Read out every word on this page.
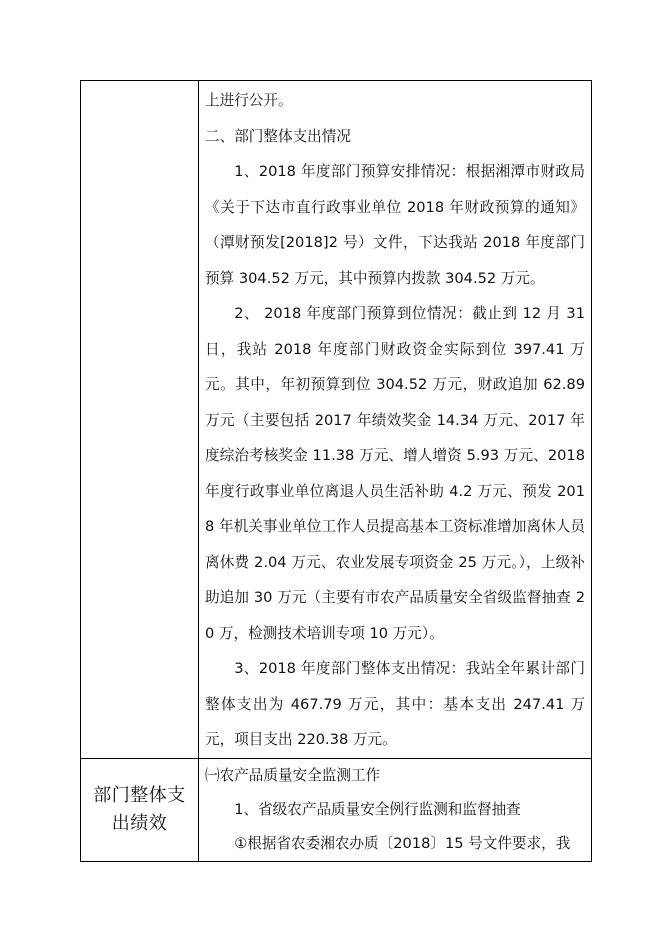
	上进行公开。

二、部门整体支出情况

1、2018 年度部门预算安排情况：根据湘潭市财政局《关于下达市直行政事业单位 2018 年财政预算的通知》（潭财预发[2018]2 号）文件，下达我站 2018 年度部门预算 304.52 万元，其中预算内拨款 304.52 万元。

2、 2018 年度部门预算到位情况：截止到 12 月 31 日，我站 2018 年度部门财政资金实际到位 397.41 万元。其中，年初预算到位 304.52 万元，财政追加 62.89 万元（主要包括 2017 年绩效奖金 14.34 万元、2017 年度综治考核奖金 11.38 万元、增人增资 5.93 万元、2018 年度行政事业单位离退人员生活补助 4.2 万元、预发 2018 年机关事业单位工作人员提高基本工资标准增加离休人员离休费 2.04 万元、农业发展专项资金 25 万元。），上级补助追加 30 万元（主要有市农产品质量安全省级监督抽查 20 万，检测技术培训专项 10 万元）。

3、2018 年度部门整体支出情况：我站全年累计部门整体支出为 467.79 万元，其中：基本支出 247.41 万元，项目支出 220.38 万元。

部门整体支出绩效	㈠农产品质量安全监测工作

1、省级农产品质量安全例行监测和监督抽查

①根据省农委湘农办质〔2018〕15 号文件要求，我
